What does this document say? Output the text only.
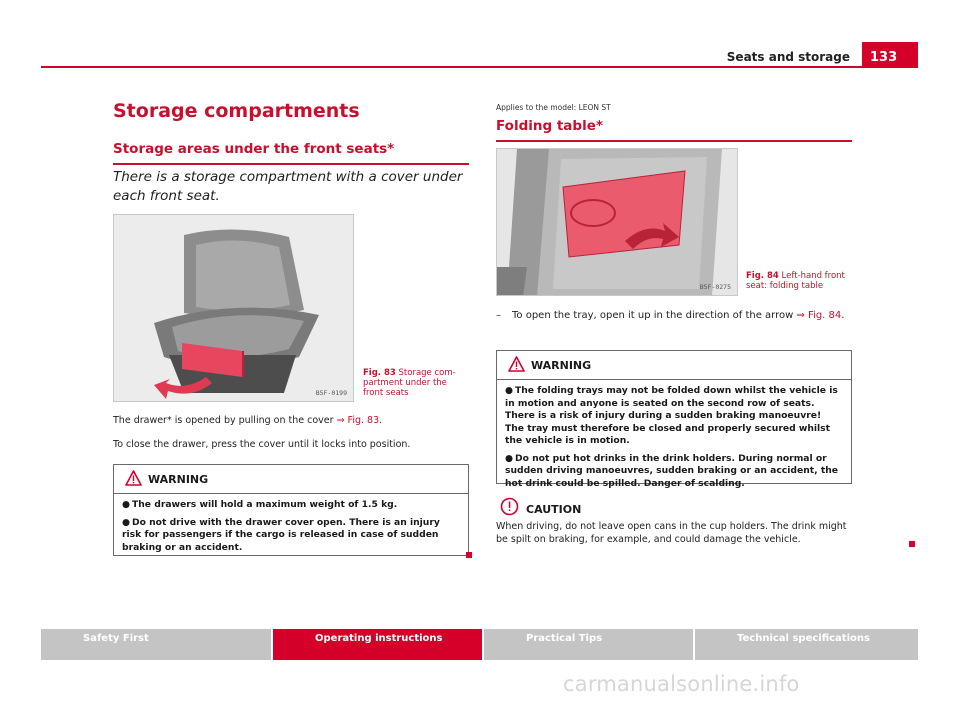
Seats and storage	133
Storage compartments
Storage areas under the front seats*
There is a storage compartment with a cover under each front seat.
B5F-0199
Fig. 83 Storage compartment under the front seats
The drawer* is opened by pulling on the cover ⇒ Fig. 83.
To close the drawer, press the cover until it locks into position.
WARNING
● The drawers will hold a maximum weight of 1.5 kg.
● Do not drive with the drawer cover open. There is an injury risk for passengers if the cargo is released in case of sudden braking or an accident.
Applies to the model: LEON ST
Folding table*
B5F-0275
Fig. 84 Left-hand front seat: folding table
–	To open the tray, open it up in the direction of the arrow ⇒ Fig. 84.
WARNING
● The folding trays may not be folded down whilst the vehicle is in motion and anyone is seated on the second row of seats. There is a risk of injury during a sudden braking manoeuvre! The tray must therefore be closed and properly secured whilst the vehicle is in motion.
● Do not put hot drinks in the drink holders. During normal or sudden driving manoeuvres, sudden braking or an accident, the hot drink could be spilled. Danger of scalding.
CAUTION
When driving, do not leave open cans in the cup holders. The drink might be spilt on braking, for example, and could damage the vehicle.
Safety First	Operating instructions	Practical Tips	Technical specifications
carmanualsonline.info
